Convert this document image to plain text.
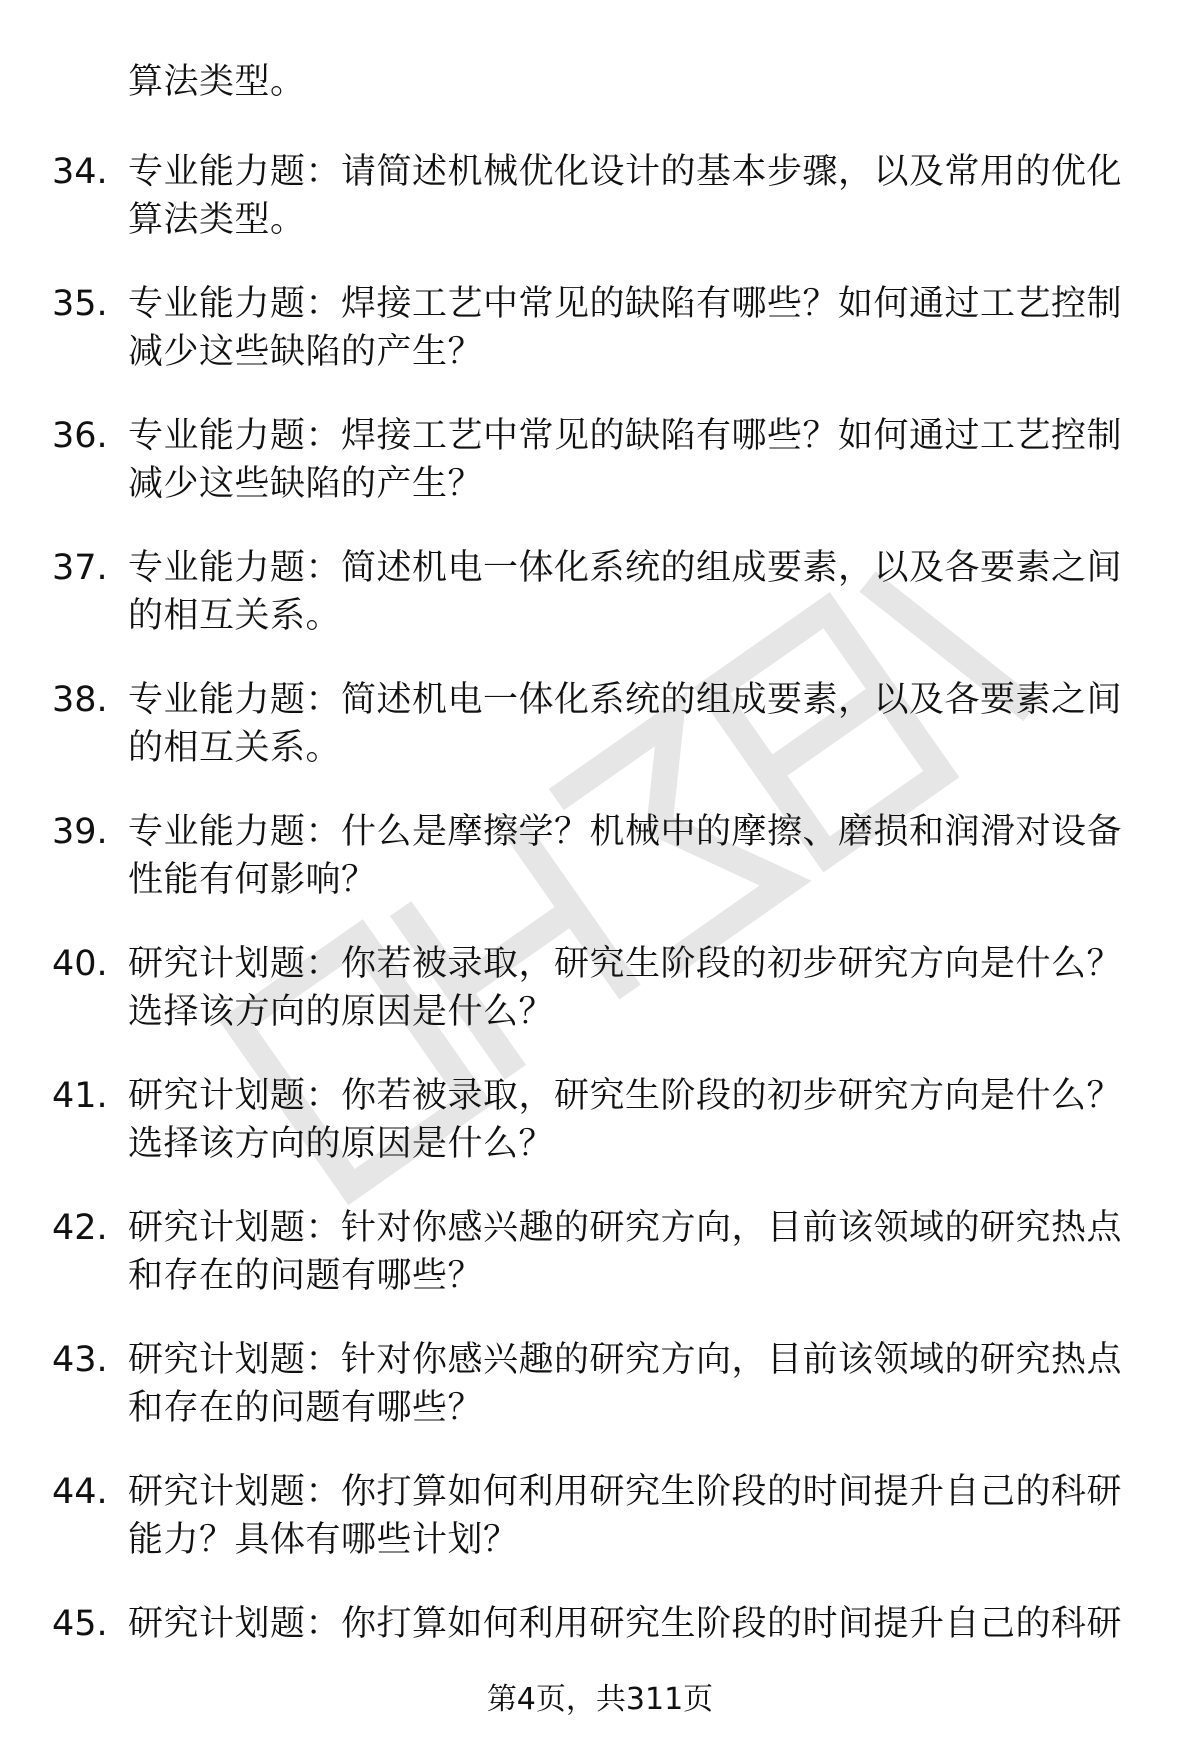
算法类型。
34. 专业能力题：请简述机械优化设计的基本步骤，以及常用的优化算法类型。
35. 专业能力题：焊接工艺中常见的缺陷有哪些？如何通过工艺控制减少这些缺陷的产生？
36. 专业能力题：焊接工艺中常见的缺陷有哪些？如何通过工艺控制减少这些缺陷的产生？
37. 专业能力题：简述机电一体化系统的组成要素，以及各要素之间的相互关系。
38. 专业能力题：简述机电一体化系统的组成要素，以及各要素之间的相互关系。
39. 专业能力题：什么是摩擦学？机械中的摩擦、磨损和润滑对设备性能有何影响？
40. 研究计划题：你若被录取，研究生阶段的初步研究方向是什么？选择该方向的原因是什么？
41. 研究计划题：你若被录取，研究生阶段的初步研究方向是什么？选择该方向的原因是什么？
42. 研究计划题：针对你感兴趣的研究方向，目前该领域的研究热点和存在的问题有哪些？
43. 研究计划题：针对你感兴趣的研究方向，目前该领域的研究热点和存在的问题有哪些？
44. 研究计划题：你打算如何利用研究生阶段的时间提升自己的科研能力？具体有哪些计划？
45. 研究计划题：你打算如何利用研究生阶段的时间提升自己的科研
第4页，共311页
